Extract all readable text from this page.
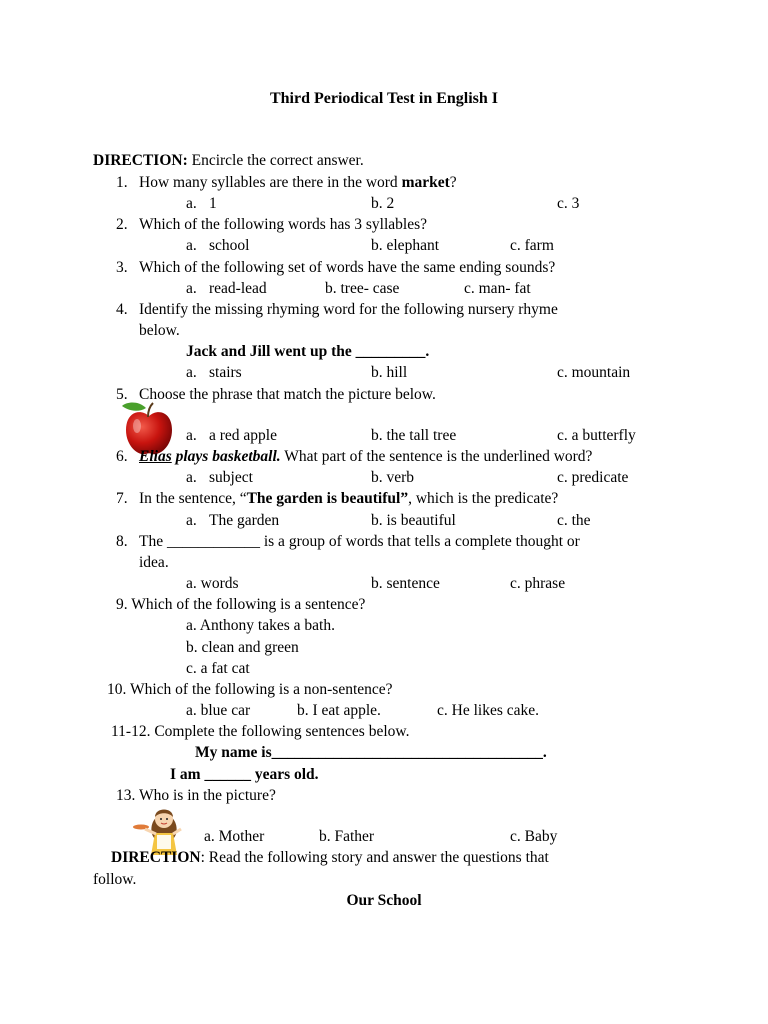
Third Periodical Test in English I
DIRECTION: Encircle the correct answer.
1. How many syllables are there in the word market?
a. 1	b. 2	c. 3
2. Which of the following words has 3 syllables?
a. school	b. elephant	c. farm
3. Which of the following set of words have the same ending sounds?
a. read-lead	b. tree- case	c. man- fat
4. Identify the missing rhyming word for the following nursery rhyme
below.
Jack and Jill went up the _________.
a. stairs	b. hill	c. mountain
5. Choose the phrase that match the picture below.
a. a red apple	b. the tall tree	c. a butterfly
6. Elias plays basketball. What part of the sentence is the underlined word?
a. subject	b. verb	c. predicate
7. In the sentence, “The garden is beautiful”, which is the predicate?
a. The garden	b. is beautiful	c. the
8. The ____________ is a group of words that tells a complete thought or
idea.
a. words	b. sentence	c. phrase
9. Which of the following is a sentence?
a. Anthony takes a bath.
b. clean and green
c. a fat cat
10. Which of the following is a non-sentence?
a. blue car	b. I eat apple.	c. He likes cake.
11-12. Complete the following sentences below.
My name is___________________________________.
I am ______ years old.
13. Who is in the picture?
a. Mother	b. Father	c. Baby
DIRECTION: Read the following story and answer the questions that
follow.
Our School
